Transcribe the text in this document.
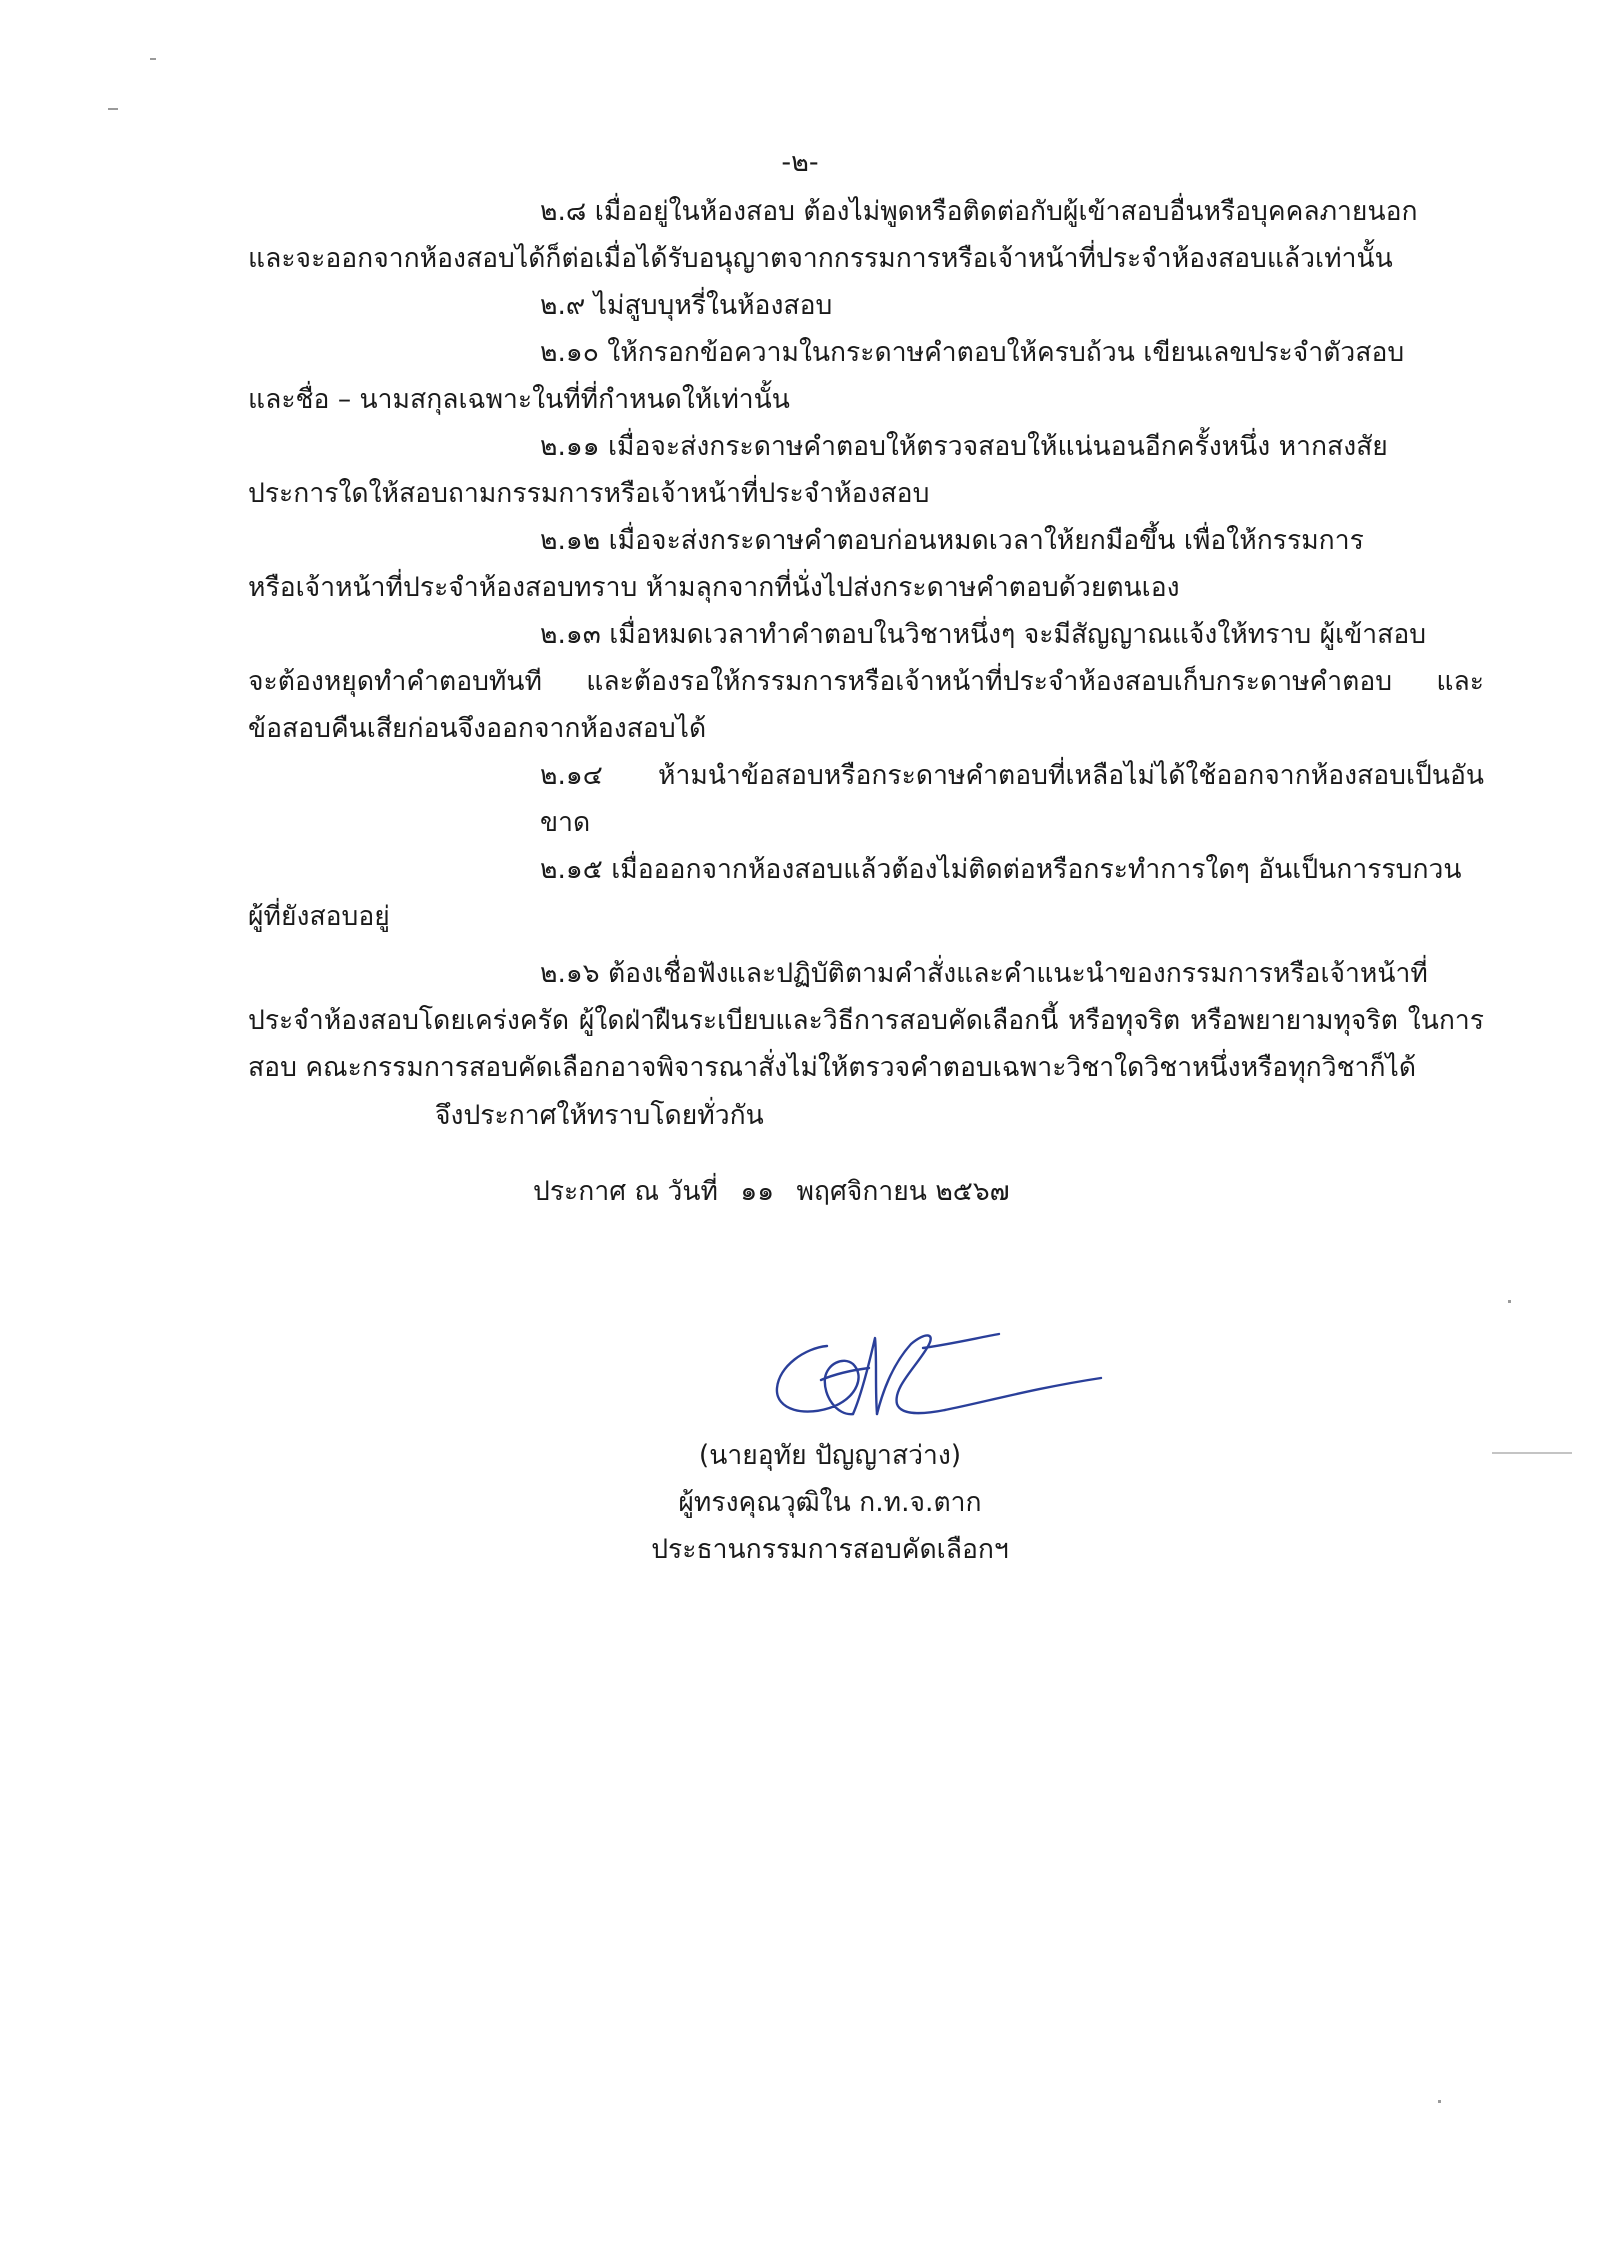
-๒-
๒.๘ เมื่ออยู่ในห้องสอบ ต้องไม่พูดหรือติดต่อกับผู้เข้าสอบอื่นหรือบุคคลภายนอก
และจะออกจากห้องสอบได้ก็ต่อเมื่อได้รับอนุญาตจากกรรมการหรือเจ้าหน้าที่ประจำห้องสอบแล้วเท่านั้น
๒.๙ ไม่สูบบุหรี่ในห้องสอบ
๒.๑๐ ให้กรอกข้อความในกระดาษคำตอบให้ครบถ้วน เขียนเลขประจำตัวสอบ
และชื่อ – นามสกุลเฉพาะในที่ที่กำหนดให้เท่านั้น
๒.๑๑ เมื่อจะส่งกระดาษคำตอบให้ตรวจสอบให้แน่นอนอีกครั้งหนึ่ง หากสงสัย
ประการใดให้สอบถามกรรมการหรือเจ้าหน้าที่ประจำห้องสอบ
๒.๑๒ เมื่อจะส่งกระดาษคำตอบก่อนหมดเวลาให้ยกมือขึ้น เพื่อให้กรรมการ
หรือเจ้าหน้าที่ประจำห้องสอบทราบ ห้ามลุกจากที่นั่งไปส่งกระดาษคำตอบด้วยตนเอง
๒.๑๓ เมื่อหมดเวลาทำคำตอบในวิชาหนึ่งๆ จะมีสัญญาณแจ้งให้ทราบ ผู้เข้าสอบ
จะต้องหยุดทำคำตอบทันที และต้องรอให้กรรมการหรือเจ้าหน้าที่ประจำห้องสอบเก็บกระดาษคำตอบ และข้อสอบคืนเสียก่อนจึงออกจากห้องสอบได้
๒.๑๔ ห้ามนำข้อสอบหรือกระดาษคำตอบที่เหลือไม่ได้ใช้ออกจากห้องสอบเป็นอันขาด
๒.๑๕ เมื่อออกจากห้องสอบแล้วต้องไม่ติดต่อหรือกระทำการใดๆ อันเป็นการรบกวน
ผู้ที่ยังสอบอยู่
๒.๑๖ ต้องเชื่อฟังและปฏิบัติตามคำสั่งและคำแนะนำของกรรมการหรือเจ้าหน้าที่
ประจำห้องสอบโดยเคร่งครัด ผู้ใดฝ่าฝืนระเบียบและวิธีการสอบคัดเลือกนี้ หรือทุจริต หรือพยายามทุจริต ในการสอบ คณะกรรมการสอบคัดเลือกอาจพิจารณาสั่งไม่ให้ตรวจคำตอบเฉพาะวิชาใดวิชาหนึ่งหรือทุกวิชาก็ได้
จึงประกาศให้ทราบโดยทั่วกัน
ประกาศ ณ วันที่ ๑๑ พฤศจิกายน ๒๕๖๗
(นายอุทัย ปัญญาสว่าง)
ผู้ทรงคุณวุฒิใน ก.ท.จ.ตาก
ประธานกรรมการสอบคัดเลือกฯ
